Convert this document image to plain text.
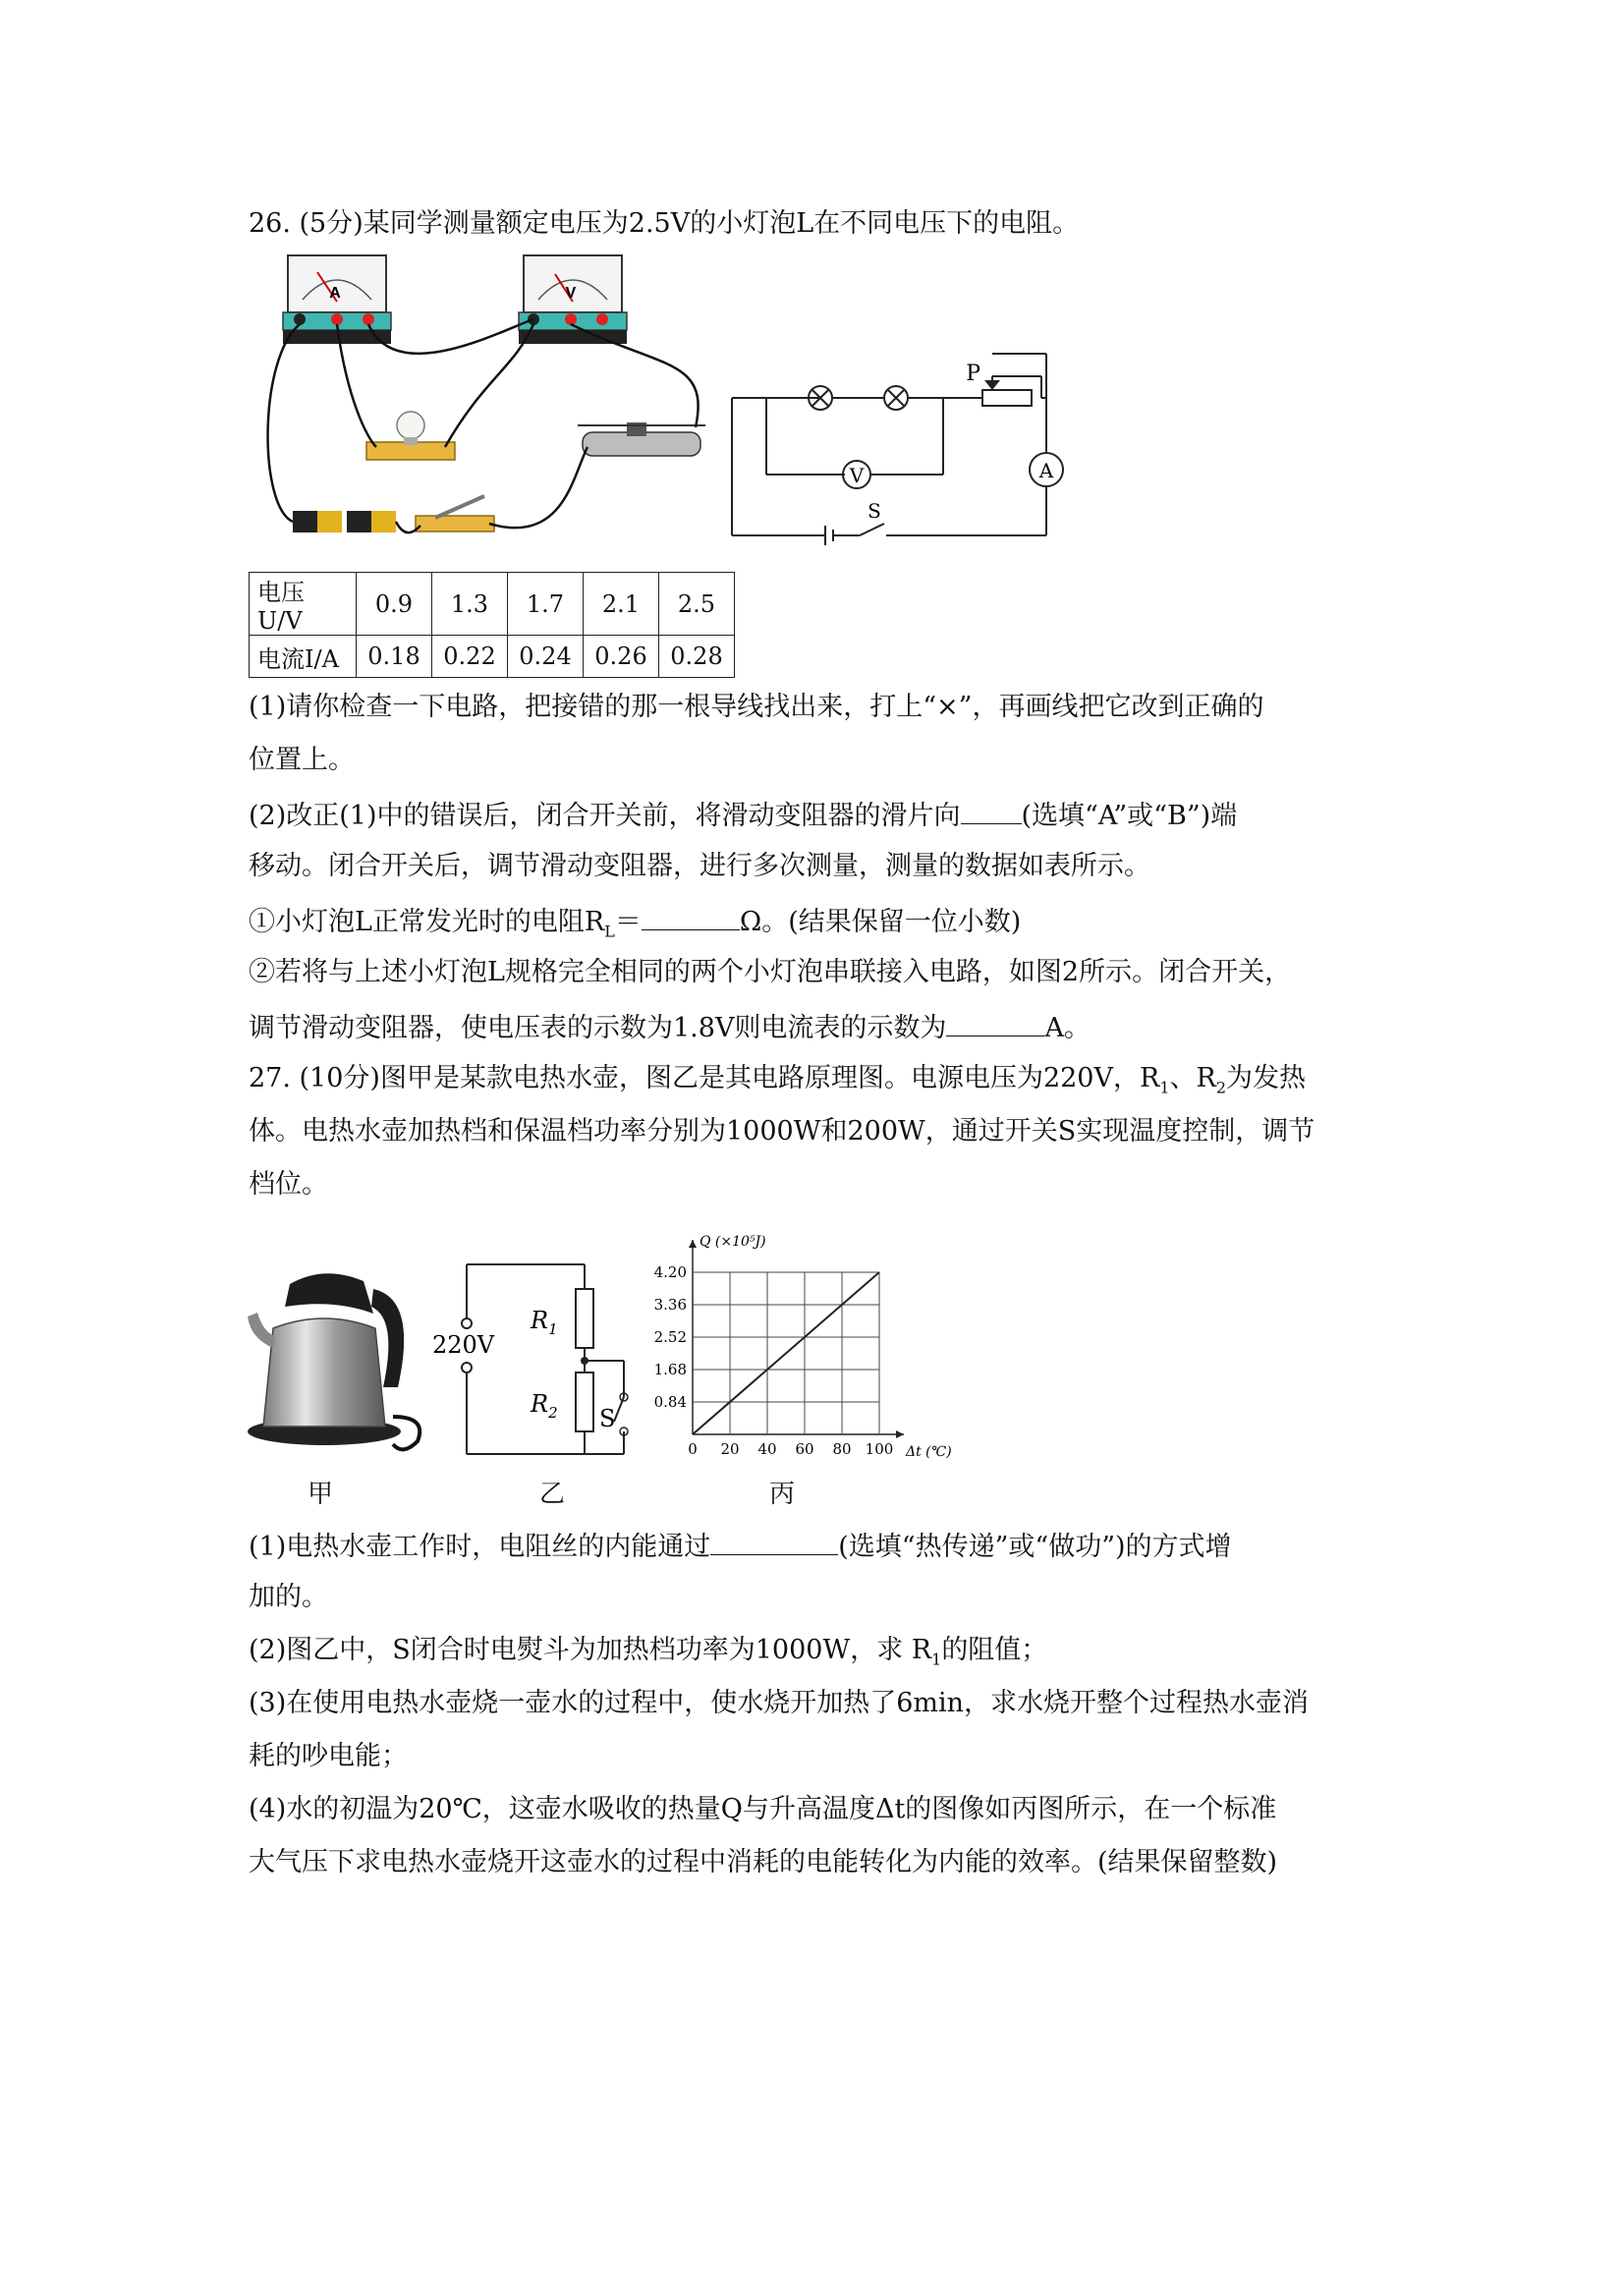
26. (5分)某同学测量额定电压为2.5V的小灯泡L在不同电压下的电阻。
A	V
P
V	A
S
电压U/V	0.9	1.3	1.7	2.1	2.5
电流I/A	0.18	0.22	0.24	0.26	0.28
(1)请你检查一下电路，把接错的那一根导线找出来，打上“×”，再画线把它改到正确的
位置上。
(2)改正(1)中的错误后，闭合开关前，将滑动变阻器的滑片向 (选填“A”或“B”)端
移动。闭合开关后，调节滑动变阻器，进行多次测量，测量的数据如表所示。
①小灯泡L正常发光时的电阻$R_L=$	Ω。(结果保留一位小数)
②若将与上述小灯泡L规格完全相同的两个小灯泡串联接入电路，如图2所示。闭合开关，
调节滑动变阻器，使电压表的示数为1.8V则电流表的示数为	A。
27. (10分)图甲是某款电热水壶，图乙是其电路原理图。电源电压为220V，$R_1$、$R_2$为发热
体。电热水壶加热档和保温档功率分别为1000W和200W，通过开关S实现温度控制，调节
档位。
220V
$R_1$
$R_2$ S
Q (×10⁵J)
Δt (℃)
0 20 40 60 80 100
0.84
1.68
2.52
3.36
4.20
甲	乙	丙
(1)电热水壶工作时，电阻丝的内能通过	(选填“热传递”或“做功”)的方式增
加的。
(2)图乙中，S闭合时电熨斗为加热档功率为1000W，求 $R_1$的阻值；
(3)在使用电热水壶烧一壶水的过程中，使水烧开加热了6min，求水烧开整个过程热水壶消
耗的吵电能；
(4)水的初温为20℃，这壶水吸收的热量Q与升高温度Δt的图像如丙图所示，在一个标准
大气压下求电热水壶烧开这壶水的过程中消耗的电能转化为内能的效率。(结果保留整数)
